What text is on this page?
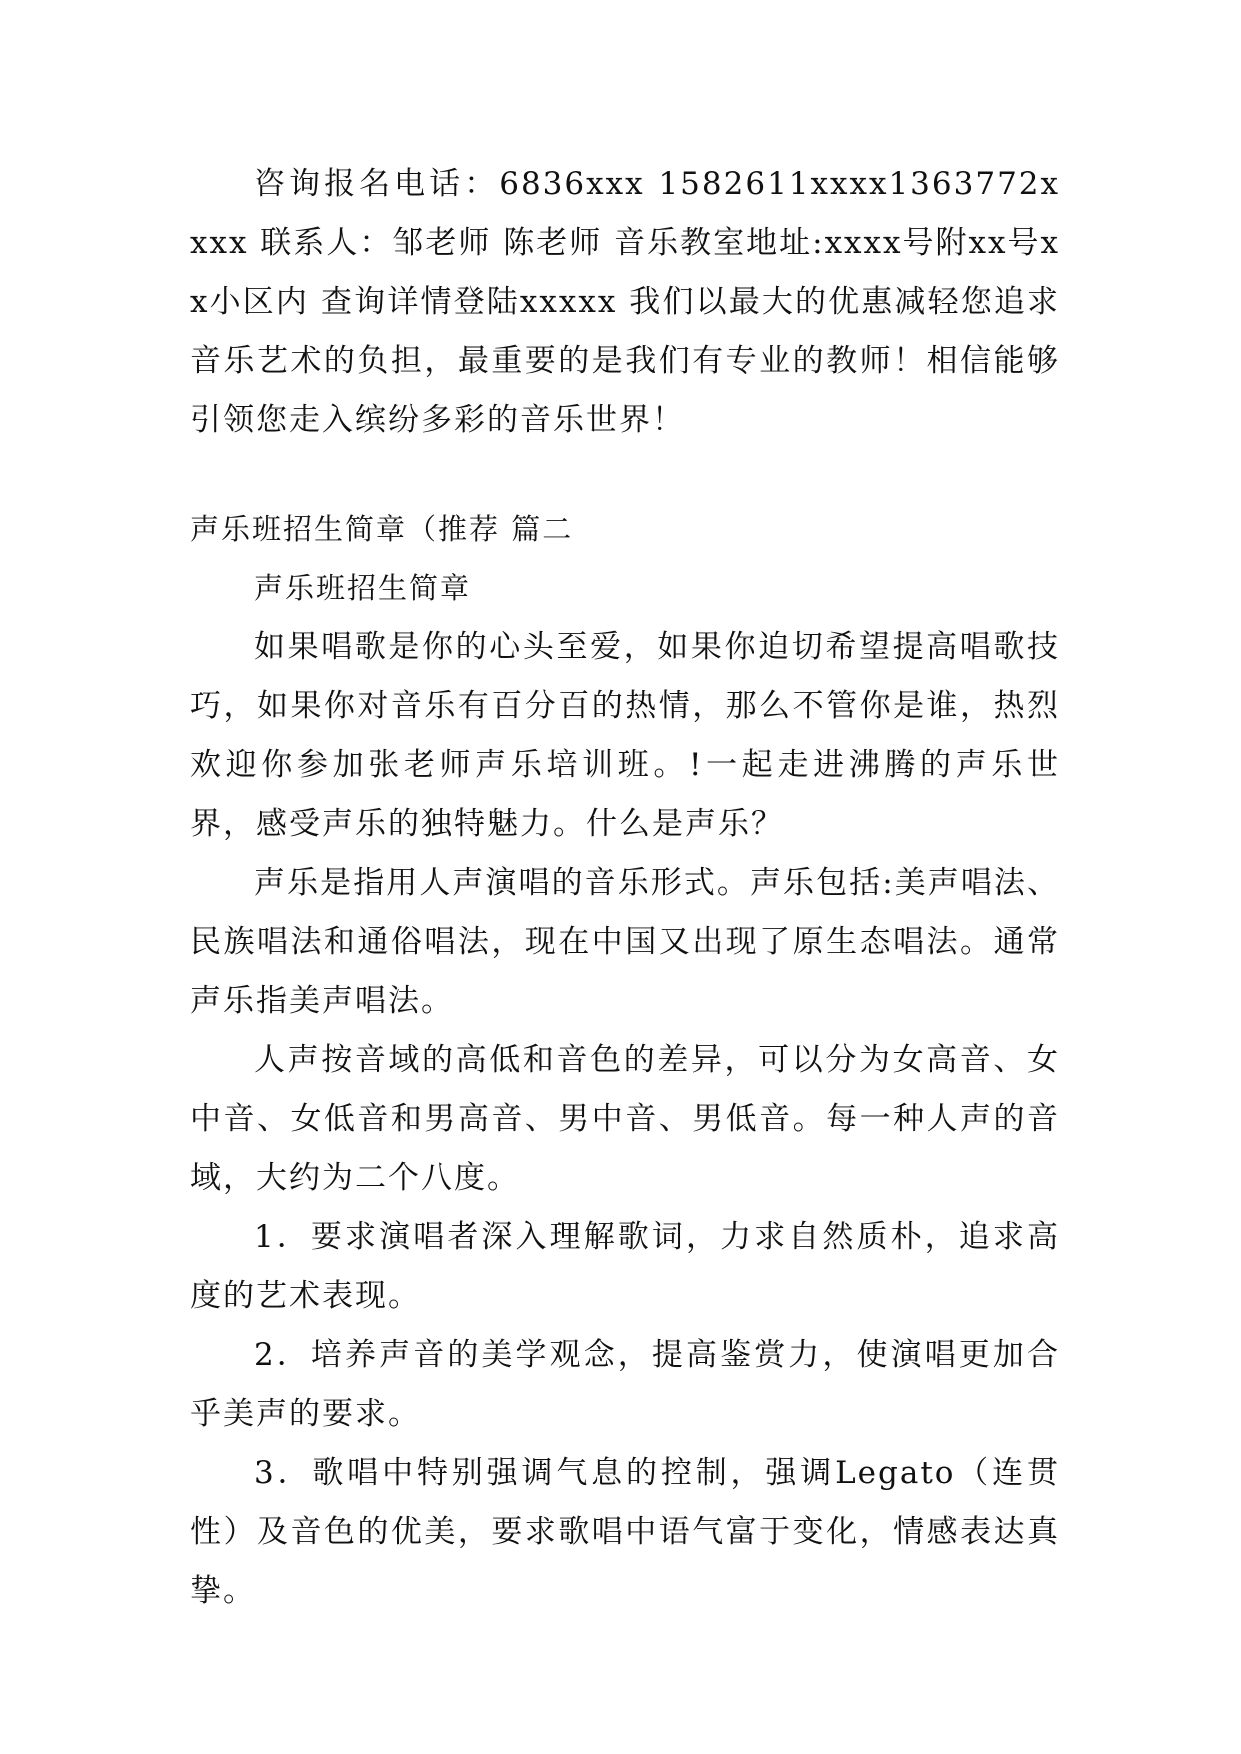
咨询报名电话：6836xxx 1582611xxxx1363772xxxx 联系人：邹老师 陈老师 音乐教室地址:xxxx号附xx号xx小区内 查询详情登陆xxxxx 我们以最大的优惠减轻您追求音乐艺术的负担，最重要的是我们有专业的教师！相信能够引领您走入缤纷多彩的音乐世界！

声乐班招生简章（推荐 篇二

声乐班招生简章

如果唱歌是你的心头至爱，如果你迫切希望提高唱歌技巧，如果你对音乐有百分百的热情，那么不管你是谁，热烈欢迎你参加张老师声乐培训班。!一起走进沸腾的声乐世界，感受声乐的独特魅力。什么是声乐？

声乐是指用人声演唱的音乐形式。声乐包括:美声唱法、民族唱法和通俗唱法，现在中国又出现了原生态唱法。通常声乐指美声唱法。

人声按音域的高低和音色的差异，可以分为女高音、女中音、女低音和男高音、男中音、男低音。每一种人声的音域，大约为二个八度。

1．要求演唱者深入理解歌词，力求自然质朴，追求高度的艺术表现。

2．培养声音的美学观念，提高鉴赏力，使演唱更加合乎美声的要求。

3．歌唱中特别强调气息的控制，强调Legato（连贯性）及音色的优美，要求歌唱中语气富于变化，情感表达真挚。
